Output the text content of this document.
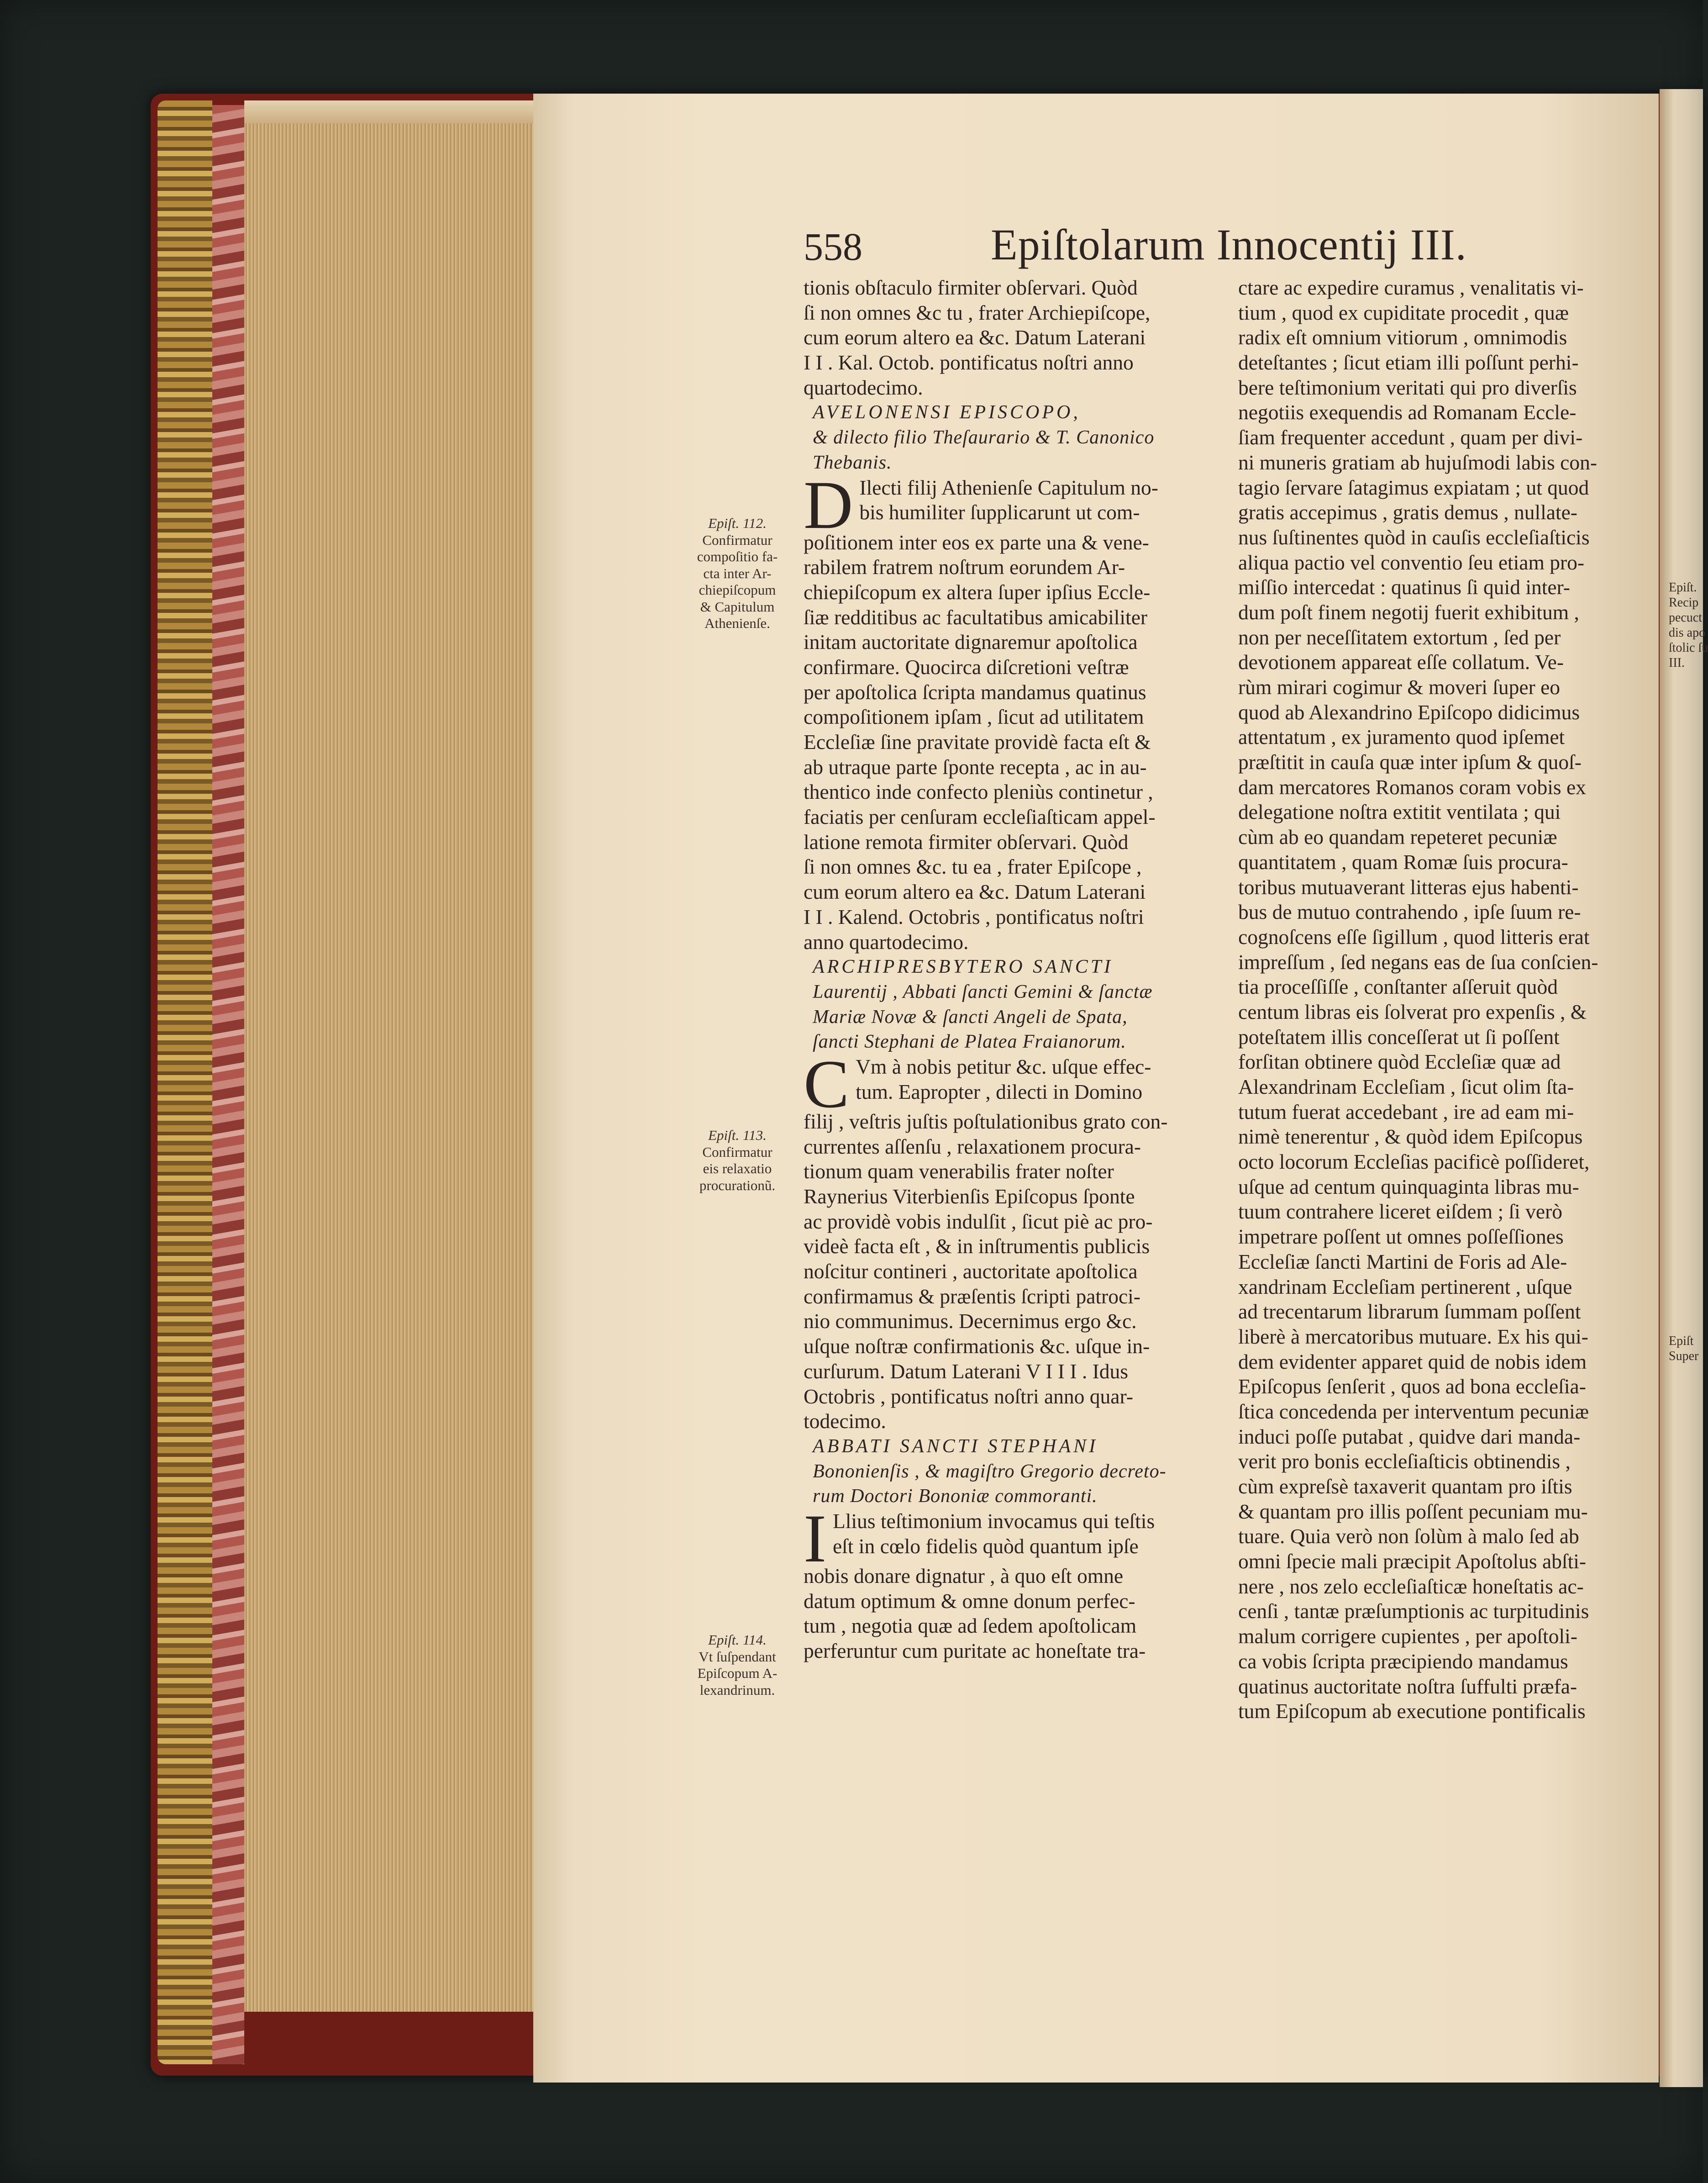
558	Epiſtolarum Innocentij III.
tionis obſtaculo firmiter obſervari. Quòd
ſi non omnes &c tu , frater Archiepiſcope,
cum eorum altero ea &c. Datum Laterani
I I . Kal. Octob. pontificatus noſtri anno
quartodecimo.
AVELONENSI EPISCOPO,
& dilecto filio Theſaurario & T. Canonico
Thebanis.
D Ilecti filij Athenienſe Capitulum no-
bis humiliter ſupplicarunt ut com-
poſitionem inter eos ex parte una & vene-
rabilem fratrem noſtrum eorundem Ar-
chiepiſcopum ex altera ſuper ipſius Eccle-
ſiæ redditibus ac facultatibus amicabiliter
initam auctoritate dignaremur apoſtolica
confirmare. Quocirca diſcretioni veſtræ
per apoſtolica ſcripta mandamus quatinus
compoſitionem ipſam , ſicut ad utilitatem
Eccleſiæ ſine pravitate providè facta eſt &
ab utraque parte ſponte recepta , ac in au-
thentico inde confecto pleniùs continetur ,
faciatis per cenſuram eccleſiaſticam appel-
latione remota firmiter obſervari. Quòd
ſi non omnes &c. tu ea , frater Epiſcope ,
cum eorum altero ea &c. Datum Laterani
I I . Kalend. Octobris , pontificatus noſtri
anno quartodecimo.
ARCHIPRESBYTERO SANCTI
Laurentij , Abbati ſancti Gemini & ſanctæ
Mariæ Novæ & ſancti Angeli de Spata,
ſancti Stephani de Platea Fraianorum.
C Vm à nobis petitur &c. uſque effec-
tum. Eapropter , dilecti in Domino
filij , veſtris juſtis poſtulationibus grato con-
currentes aſſenſu , relaxationem procura-
tionum quam venerabilis frater noſter
Raynerius Viterbienſis Epiſcopus ſponte
ac providè vobis indulſit , ſicut piè ac pro-
videè facta eſt , & in inſtrumentis publicis
noſcitur contineri , auctoritate apoſtolica
confirmamus & præſentis ſcripti patroci-
nio communimus. Decernimus ergo &c.
uſque noſtræ confirmationis &c. uſque in-
curſurum. Datum Laterani V I I I . Idus
Octobris , pontificatus noſtri anno quar-
todecimo.
ABBATI SANCTI STEPHANI
Bononienſis , & magiſtro Gregorio decreto-
rum Doctori Bononiæ commoranti.
I Llius teſtimonium invocamus qui teſtis
eſt in cœlo fidelis quòd quantum ipſe
nobis donare dignatur , à quo eſt omne
datum optimum & omne donum perfec-
tum , negotia quæ ad ſedem apoſtolicam
perferuntur cum puritate ac honeſtate tra-
ctare ac expedire curamus , venalitatis vi-
tium , quod ex cupiditate procedit , quæ
radix eſt omnium vitiorum , omnimodis
deteſtantes ; ſicut etiam illi poſſunt perhi-
bere teſtimonium veritati qui pro diverſis
negotiis exequendis ad Romanam Eccle-
ſiam frequenter accedunt , quam per divi-
ni muneris gratiam ab hujuſmodi labis con-
tagio ſervare ſatagimus expiatam ; ut quod
gratis accepimus , gratis demus , nullate-
nus ſuſtinentes quòd in cauſis eccleſiaſticis
aliqua pactio vel conventio ſeu etiam pro-
miſſio intercedat : quatinus ſi quid inter-
dum poſt finem negotij fuerit exhibitum ,
non per neceſſitatem extortum , ſed per
devotionem appareat eſſe collatum. Ve-
rùm mirari cogimur & moveri ſuper eo
quod ab Alexandrino Epiſcopo didicimus
attentatum , ex juramento quod ipſemet
præſtitit in cauſa quæ inter ipſum & quoſ-
dam mercatores Romanos coram vobis ex
delegatione noſtra extitit ventilata ; qui
cùm ab eo quandam repeteret pecuniæ
quantitatem , quam Romæ ſuis procura-
toribus mutuaverant litteras ejus habenti-
bus de mutuo contrahendo , ipſe ſuum re-
cognoſcens eſſe ſigillum , quod litteris erat
impreſſum , ſed negans eas de ſua conſcien-
tia proceſſiſſe , conſtanter aſſeruit quòd
centum libras eis ſolverat pro expenſis , &
poteſtatem illis conceſſerat ut ſi poſſent
forſitan obtinere quòd Eccleſiæ quæ ad
Alexandrinam Eccleſiam , ſicut olim ſta-
tutum fuerat accedebant , ire ad eam mi-
nimè tenerentur , & quòd idem Epiſcopus
octo locorum Eccleſias pacificè poſſideret,
uſque ad centum quinquaginta libras mu-
tuum contrahere liceret eiſdem ; ſi verò
impetrare poſſent ut omnes poſſeſſiones
Eccleſiæ ſancti Martini de Foris ad Ale-
xandrinam Eccleſiam pertinerent , uſque
ad trecentarum librarum ſummam poſſent
liberè à mercatoribus mutuare. Ex his qui-
dem evidenter apparet quid de nobis idem
Epiſcopus ſenſerit , quos ad bona eccleſia-
ſtica concedenda per interventum pecuniæ
induci poſſe putabat , quidve dari manda-
verit pro bonis eccleſiaſticis obtinendis ,
cùm expreſsè taxaverit quantam pro iſtis
& quantam pro illis poſſent pecuniam mu-
tuare. Quia verò non ſolùm à malo ſed ab
omni ſpecie mali præcipit Apoſtolus abſti-
nere , nos zelo eccleſiaſticæ honeſtatis ac-
cenſi , tantæ præſumptionis ac turpitudinis
malum corrigere cupientes , per apoſtoli-
ca vobis ſcripta præcipiendo mandamus
quatinus auctoritate noſtra ſuffulti præfa-
tum Epiſcopum ab executione pontificalis
Epiſt. 112.
Confirmatur
compoſitio fa-
cta inter Ar-
chiepiſcopum
& Capitulum
Athenienſe.
Epiſt. 113.
Confirmatur
eis relaxatio
procurationũ.
Epiſt. 114.
Vt ſuſpendant
Epiſcopum A-
lexandrinum.
Epiſt.
Recip
pecuct
dis apo
ſtolic ſu
III.
Epiſt
Super
